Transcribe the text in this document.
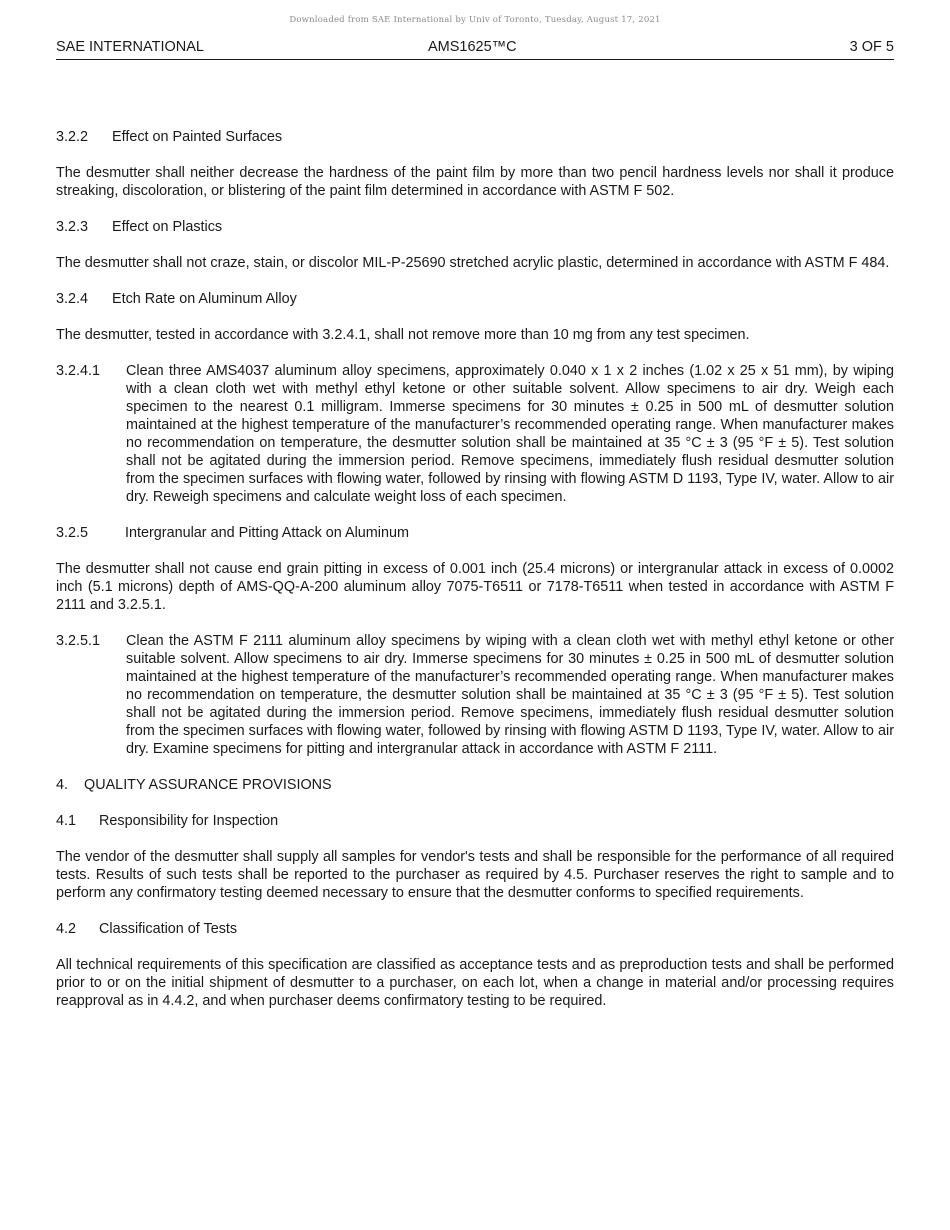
Downloaded from SAE International by Univ of Toronto, Tuesday, August 17, 2021
SAE INTERNATIONAL	AMS1625™C	3 OF 5
3.2.2 Effect on Painted Surfaces
The desmutter shall neither decrease the hardness of the paint film by more than two pencil hardness levels nor shall it produce streaking, discoloration, or blistering of the paint film determined in accordance with ASTM F 502.
3.2.3 Effect on Plastics
The desmutter shall not craze, stain, or discolor MIL-P-25690 stretched acrylic plastic, determined in accordance with ASTM F 484.
3.2.4 Etch Rate on Aluminum Alloy
The desmutter, tested in accordance with 3.2.4.1, shall not remove more than 10 mg from any test specimen.
3.2.4.1	Clean three AMS4037 aluminum alloy specimens, approximately 0.040 x 1 x 2 inches (1.02 x 25 x 51 mm), by wiping with a clean cloth wet with methyl ethyl ketone or other suitable solvent. Allow specimens to air dry. Weigh each specimen to the nearest 0.1 milligram. Immerse specimens for 30 minutes ± 0.25 in 500 mL of desmutter solution maintained at the highest temperature of the manufacturer’s recommended operating range. When manufacturer makes no recommendation on temperature, the desmutter solution shall be maintained at 35 °C ± 3 (95 °F ± 5). Test solution shall not be agitated during the immersion period. Remove specimens, immediately flush residual desmutter solution from the specimen surfaces with flowing water, followed by rinsing with flowing ASTM D 1193, Type IV, water. Allow to air dry. Reweigh specimens and calculate weight loss of each specimen.
3.2.5	Intergranular and Pitting Attack on Aluminum
The desmutter shall not cause end grain pitting in excess of 0.001 inch (25.4 microns) or intergranular attack in excess of 0.0002 inch (5.1 microns) depth of AMS-QQ-A-200 aluminum alloy 7075-T6511 or 7178-T6511 when tested in accordance with ASTM F 2111 and 3.2.5.1.
3.2.5.1	Clean the ASTM F 2111 aluminum alloy specimens by wiping with a clean cloth wet with methyl ethyl ketone or other suitable solvent. Allow specimens to air dry. Immerse specimens for 30 minutes ± 0.25 in 500 mL of desmutter solution maintained at the highest temperature of the manufacturer’s recommended operating range. When manufacturer makes no recommendation on temperature, the desmutter solution shall be maintained at 35 °C ± 3 (95 °F ± 5). Test solution shall not be agitated during the immersion period. Remove specimens, immediately flush residual desmutter solution from the specimen surfaces with flowing water, followed by rinsing with flowing ASTM D 1193, Type IV, water. Allow to air dry. Examine specimens for pitting and intergranular attack in accordance with ASTM F 2111.
4. QUALITY ASSURANCE PROVISIONS
4.1 Responsibility for Inspection
The vendor of the desmutter shall supply all samples for vendor's tests and shall be responsible for the performance of all required tests. Results of such tests shall be reported to the purchaser as required by 4.5. Purchaser reserves the right to sample and to perform any confirmatory testing deemed necessary to ensure that the desmutter conforms to specified requirements.
4.2 Classification of Tests
All technical requirements of this specification are classified as acceptance tests and as preproduction tests and shall be performed prior to or on the initial shipment of desmutter to a purchaser, on each lot, when a change in material and/or processing requires reapproval as in 4.4.2, and when purchaser deems confirmatory testing to be required.
